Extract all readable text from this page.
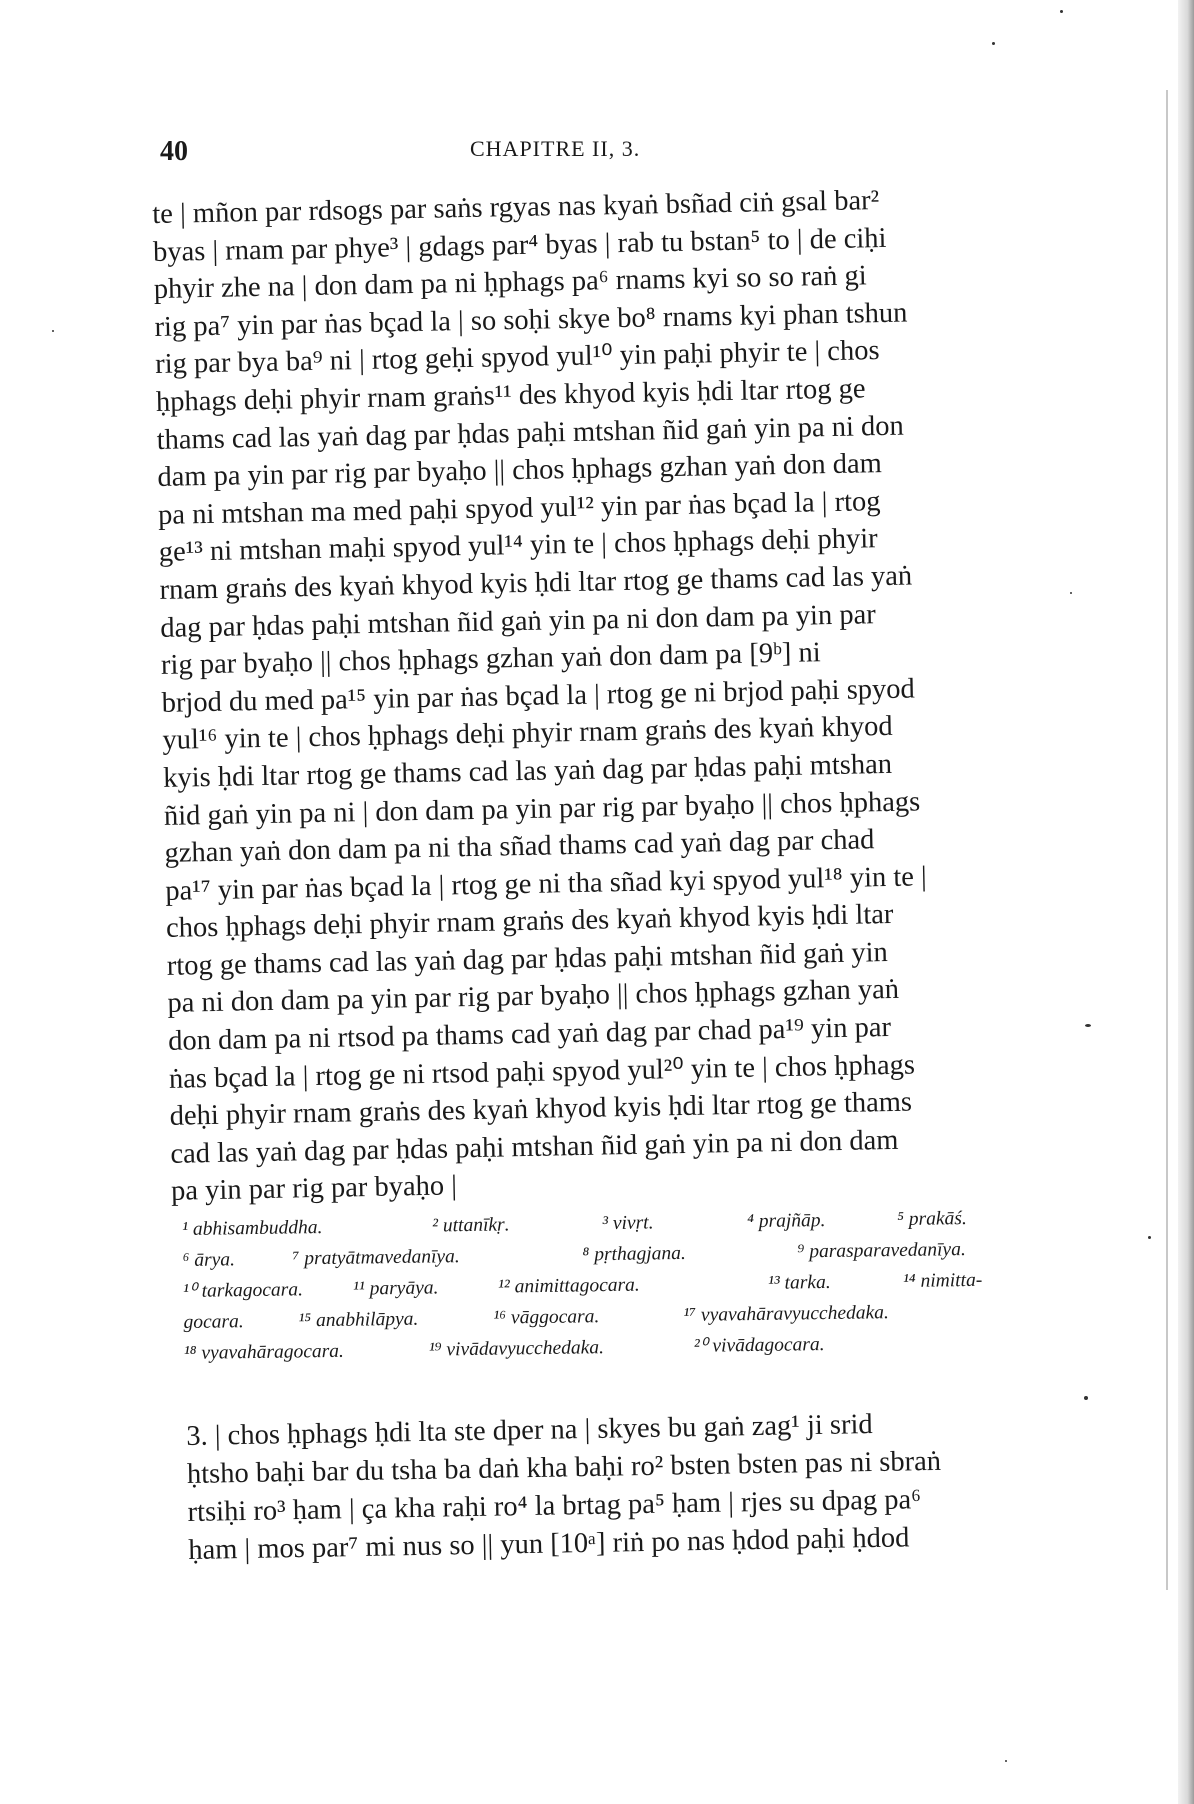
40	CHAPITRE II, 3.
te | mñon par rdsogs par saṅs rgyas nas kyaṅ bsñad ciṅ gsal bar²
byas | rnam par phye³ | gdags par⁴ byas | rab tu bstan⁵ to | de ciḥi
phyir zhe na | don dam pa ni ḥphags pa⁶ rnams kyi so so raṅ gi
rig pa⁷ yin par ṅas bçad la | so soḥi skye bo⁸ rnams kyi phan tshun
rig par bya ba⁹ ni | rtog geḥi spyod yul¹⁰ yin paḥi phyir te | chos
ḥphags deḥi phyir rnam graṅs¹¹ des khyod kyis ḥdi ltar rtog ge
thams cad las yaṅ dag par ḥdas paḥi mtshan ñid gaṅ yin pa ni don
dam pa yin par rig par byaḥo || chos ḥphags gzhan yaṅ don dam
pa ni mtshan ma med paḥi spyod yul¹² yin par ṅas bçad la | rtog
ge¹³ ni mtshan maḥi spyod yul¹⁴ yin te | chos ḥphags deḥi phyir
rnam graṅs des kyaṅ khyod kyis ḥdi ltar rtog ge thams cad las yaṅ
dag par ḥdas paḥi mtshan ñid gaṅ yin pa ni don dam pa yin par
rig par byaḥo || chos ḥphags gzhan yaṅ don dam pa [9ᵇ] ni
brjod du med pa¹⁵ yin par ṅas bçad la | rtog ge ni brjod paḥi spyod
yul¹⁶ yin te | chos ḥphags deḥi phyir rnam graṅs des kyaṅ khyod
kyis ḥdi ltar rtog ge thams cad las yaṅ dag par ḥdas paḥi mtshan
ñid gaṅ yin pa ni | don dam pa yin par rig par byaḥo || chos ḥphags
gzhan yaṅ don dam pa ni tha sñad thams cad yaṅ dag par chad
pa¹⁷ yin par ṅas bçad la | rtog ge ni tha sñad kyi spyod yul¹⁸ yin te |
chos ḥphags deḥi phyir rnam graṅs des kyaṅ khyod kyis ḥdi ltar
rtog ge thams cad las yaṅ dag par ḥdas paḥi mtshan ñid gaṅ yin
pa ni don dam pa yin par rig par byaḥo || chos ḥphags gzhan yaṅ
don dam pa ni rtsod pa thams cad yaṅ dag par chad pa¹⁹ yin par
ṅas bçad la | rtog ge ni rtsod paḥi spyod yul²⁰ yin te | chos ḥphags
deḥi phyir rnam graṅs des kyaṅ khyod kyis ḥdi ltar rtog ge thams
cad las yaṅ dag par ḥdas paḥi mtshan ñid gaṅ yin pa ni don dam
pa yin par rig par byaḥo |
¹ abhisambuddha.	² uttanīkṛ.	³ vivṛt.	⁴ prajñāp.	⁵ prakāś.
⁶ ārya.	⁷ pratyātmavedanīya.	⁸ pṛthagjana.	⁹ parasparavedanīya.
¹⁰ tarkagocara.	¹¹ paryāya.	¹² animittagocara.	¹³ tarka.	¹⁴ nimitta-
gocara.	¹⁵ anabhilāpya.	¹⁶ vāggocara.	¹⁷ vyavahāravyucchedaka.
¹⁸ vyavahāragocara.	¹⁹ vivādavyucchedaka.	²⁰ vivādagocara.
3. | chos ḥphags ḥdi lta ste dper na | skyes bu gaṅ zag¹ ji srid
ḥtsho baḥi bar du tsha ba daṅ kha baḥi ro² bsten bsten pas ni sbraṅ
rtsiḥi ro³ ḥam | ça kha raḥi ro⁴ la brtag pa⁵ ḥam | rjes su dpag pa⁶
ḥam | mos par⁷ mi nus so || yun [10ᵃ] riṅ po nas ḥdod paḥi ḥdod
